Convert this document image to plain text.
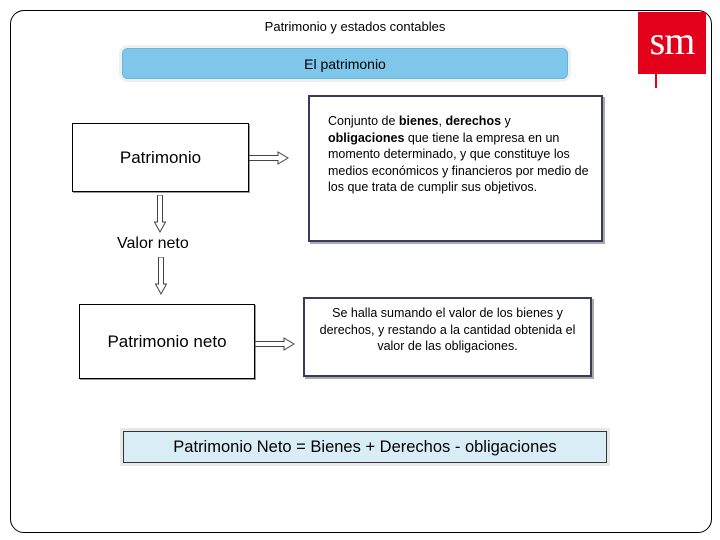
Patrimonio y estados contables	sm
El patrimonio
Patrimonio
Valor neto
Patrimonio neto
Conjunto de bienes, derechos y obligaciones que tiene la empresa en un momento determinado, y que constituye los medios económicos y financieros por medio de los que trata de cumplir sus objetivos.
Se halla sumando el valor de los bienes y derechos, y restando a la cantidad obtenida el valor de las obligaciones.
Patrimonio Neto = Bienes + Derechos - obligaciones
